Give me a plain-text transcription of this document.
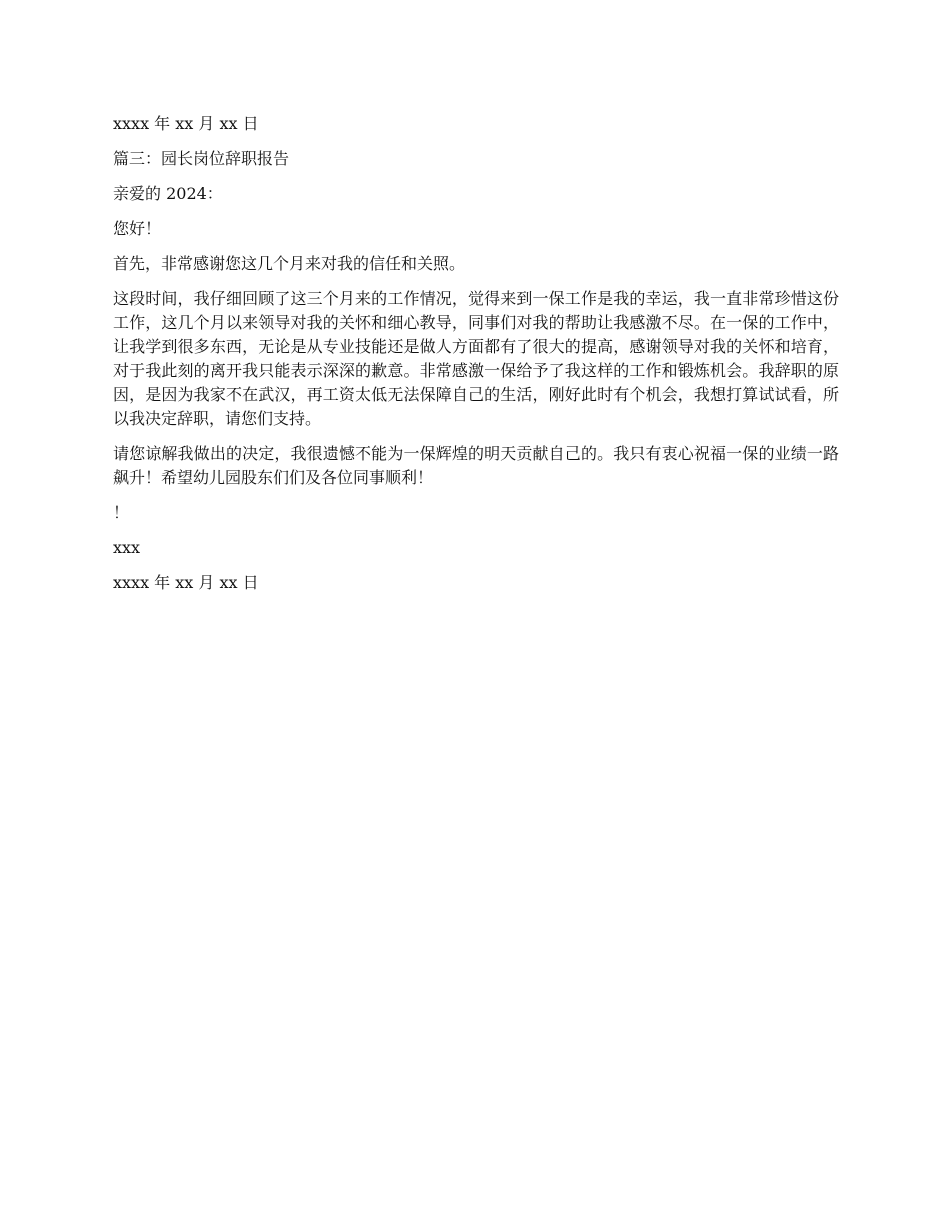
xxxx 年 xx 月 xx 日

篇三：园长岗位辞职报告

亲爱的 2024：

您好！

首先，非常感谢您这几个月来对我的信任和关照。

这段时间，我仔细回顾了这三个月来的工作情况，觉得来到一保工作是我的幸运，我一直非常珍惜这份工作，这几个月以来领导对我的关怀和细心教导，同事们对我的帮助让我感激不尽。在一保的工作中，让我学到很多东西，无论是从专业技能还是做人方面都有了很大的提高，感谢领导对我的关怀和培育，对于我此刻的离开我只能表示深深的歉意。非常感激一保给予了我这样的工作和锻炼机会。我辞职的原因，是因为我家不在武汉，再工资太低无法保障自己的生活，刚好此时有个机会，我想打算试试看，所以我决定辞职，请您们支持。

请您谅解我做出的决定，我很遗憾不能为一保辉煌的明天贡献自己的。我只有衷心祝福一保的业绩一路飙升！希望幼儿园股东们们及各位同事顺利！

！

xxx

xxxx 年 xx 月 xx 日
